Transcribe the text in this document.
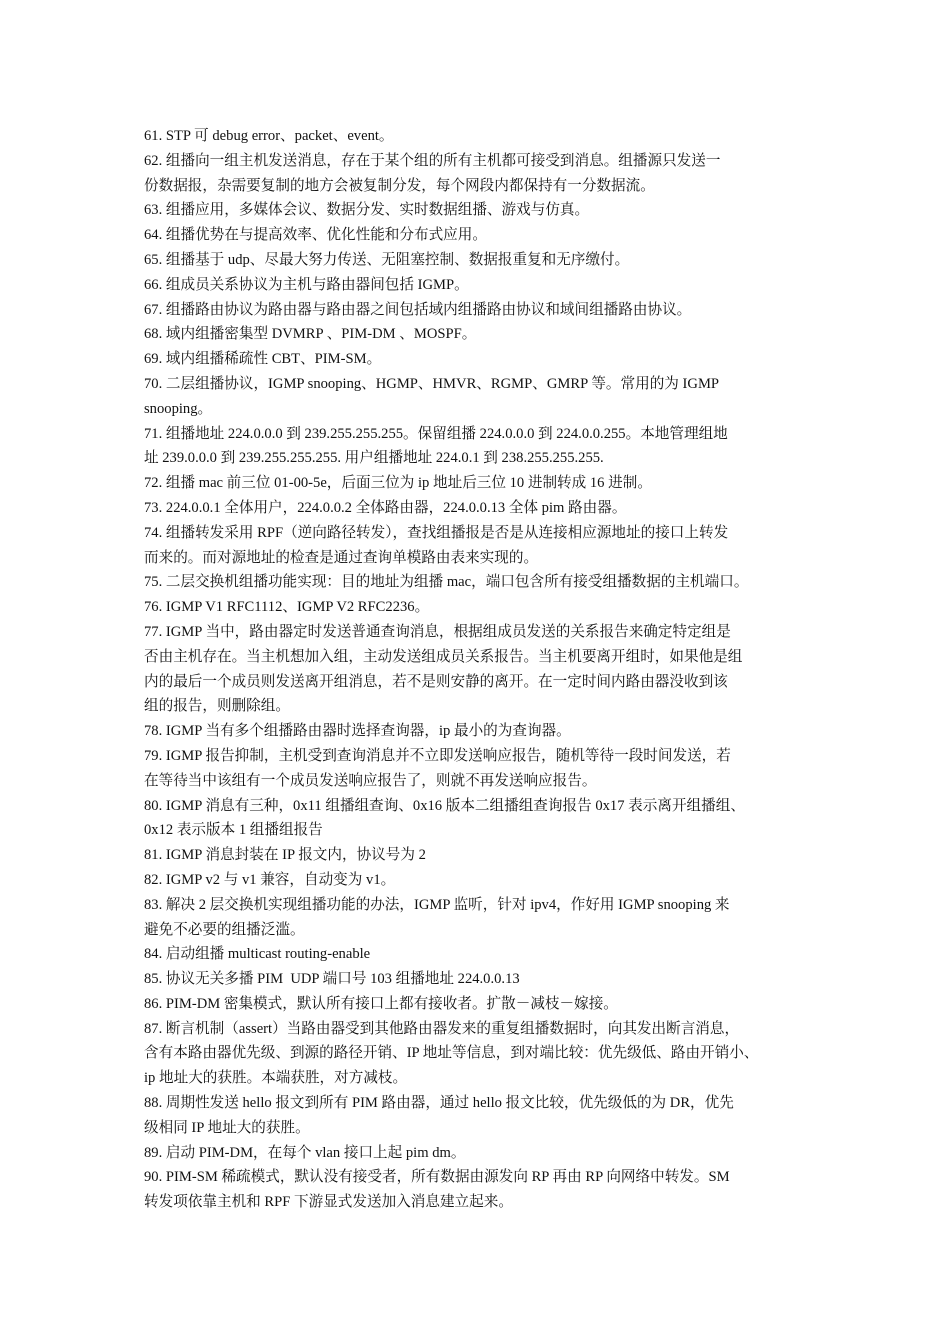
61. STP 可 debug error、packet、event。

62. 组播向一组主机发送消息，存在于某个组的所有主机都可接受到消息。组播源只发送一
份数据报，杂需要复制的地方会被复制分发，每个网段内都保持有一分数据流。

63. 组播应用，多媒体会议、数据分发、实时数据组播、游戏与仿真。

64. 组播优势在与提高效率、优化性能和分布式应用。

65. 组播基于 udp、尽最大努力传送、无阻塞控制、数据报重复和无序缴付。

66. 组成员关系协议为主机与路由器间包括 IGMP。

67. 组播路由协议为路由器与路由器之间包括域内组播路由协议和域间组播路由协议。

68. 域内组播密集型 DVMRP 、PIM-DM 、MOSPF。

69. 域内组播稀疏性 CBT、PIM-SM。

70. 二层组播协议，IGMP snooping、HGMP、HMVR、RGMP、GMRP 等。常用的为 IGMP
snooping。

71. 组播地址 224.0.0.0 到 239.255.255.255。保留组播 224.0.0.0 到 224.0.0.255。本地管理组地
址 239.0.0.0 到 239.255.255.255. 用户组播地址 224.0.1 到 238.255.255.255.

72. 组播 mac 前三位 01-00-5e，后面三位为 ip 地址后三位 10 进制转成 16 进制。

73. 224.0.0.1 全体用户，224.0.0.2 全体路由器，224.0.0.13 全体 pim 路由器。

74. 组播转发采用 RPF（逆向路径转发），查找组播报是否是从连接相应源地址的接口上转发
而来的。而对源地址的检查是通过查询单模路由表来实现的。

75. 二层交换机组播功能实现：目的地址为组播 mac，端口包含所有接受组播数据的主机端口。

76. IGMP V1 RFC1112、IGMP V2 RFC2236。

77. IGMP 当中，路由器定时发送普通查询消息，根据组成员发送的关系报告来确定特定组是
否由主机存在。当主机想加入组，主动发送组成员关系报告。当主机要离开组时，如果他是组
内的最后一个成员则发送离开组消息，若不是则安静的离开。在一定时间内路由器没收到该
组的报告，则删除组。

78. IGMP 当有多个组播路由器时选择查询器，ip 最小的为查询器。

79. IGMP 报告抑制，主机受到查询消息并不立即发送响应报告，随机等待一段时间发送，若
在等待当中该组有一个成员发送响应报告了，则就不再发送响应报告。

80. IGMP 消息有三种，0x11 组播组查询、0x16 版本二组播组查询报告 0x17 表示离开组播组、
0x12 表示版本 1 组播组报告

81. IGMP 消息封装在 IP 报文内，协议号为 2

82. IGMP v2 与 v1 兼容，自动变为 v1。

83. 解决 2 层交换机实现组播功能的办法，IGMP 监听，针对 ipv4，作好用 IGMP snooping 来
避免不必要的组播泛滥。

84. 启动组播 multicast routing-enable

85. 协议无关多播 PIM  UDP 端口号 103 组播地址 224.0.0.13

86. PIM-DM 密集模式，默认所有接口上都有接收者。扩散－减枝－嫁接。

87. 断言机制（assert）当路由器受到其他路由器发来的重复组播数据时，向其发出断言消息，
含有本路由器优先级、到源的路径开销、IP 地址等信息，到对端比较：优先级低、路由开销小、
ip 地址大的获胜。本端获胜，对方减枝。

88. 周期性发送 hello 报文到所有 PIM 路由器，通过 hello 报文比较，优先级低的为 DR，优先
级相同 IP 地址大的获胜。

89. 启动 PIM-DM，在每个 vlan 接口上起 pim dm。

90. PIM-SM 稀疏模式，默认没有接受者，所有数据由源发向 RP 再由 RP 向网络中转发。SM
转发项依靠主机和 RPF 下游显式发送加入消息建立起来。
